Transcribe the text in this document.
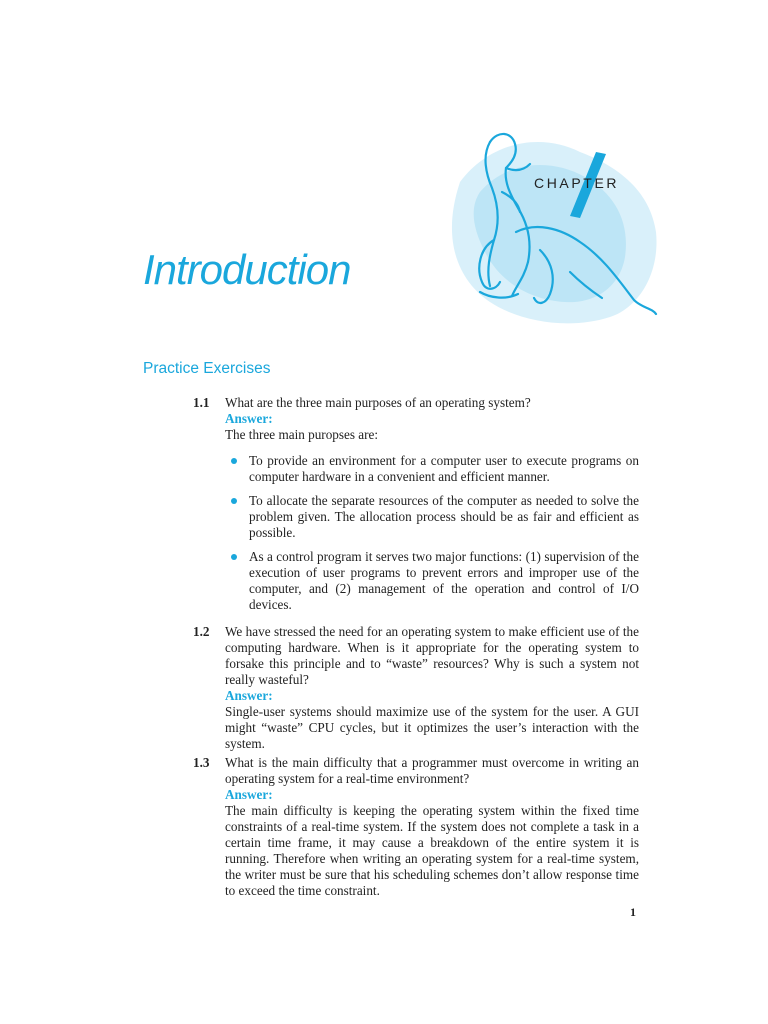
CHAPTER
Introduction
Practice Exercises
1.1 What are the three main purposes of an operating system?

Answer:

The three main puropses are:

To provide an environment for a computer user to execute programs on computer hardware in a convenient and efficient manner.
To allocate the separate resources of the computer as needed to solve the problem given. The allocation process should be as fair and efficient as possible.
As a control program it serves two major functions: (1) supervision of the execution of user programs to prevent errors and improper use of the computer, and (2) management of the operation and control of I/O devices.
1.2 We have stressed the need for an operating system to make efficient use of the computing hardware. When is it appropriate for the operating system to forsake this principle and to “waste” resources? Why is such a system not really wasteful?

Answer:

Single-user systems should maximize use of the system for the user. A GUI might “waste” CPU cycles, but it optimizes the user’s interaction with the system.

1.3 What is the main difficulty that a programmer must overcome in writing an operating system for a real-time environment?

Answer:

The main difficulty is keeping the operating system within the fixed time constraints of a real-time system. If the system does not complete a task in a certain time frame, it may cause a breakdown of the entire system it is running. Therefore when writing an operating system for a real-time system, the writer must be sure that his scheduling schemes don’t allow response time to exceed the time constraint.

1
